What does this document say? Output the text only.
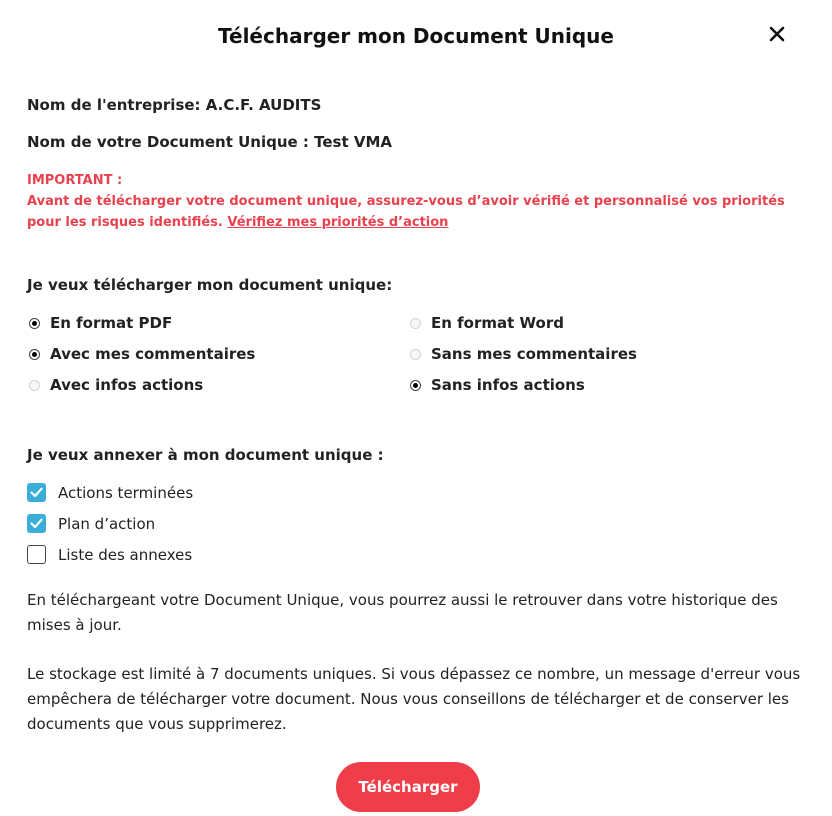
Télécharger mon Document Unique
Nom de l'entreprise: A.C.F. AUDITS
Nom de votre Document Unique : Test VMA
IMPORTANT :
Avant de télécharger votre document unique, assurez-vous d’avoir vérifié et personnalisé vos priorités pour les risques identifiés. Vérifiez mes priorités d’action
Je veux télécharger mon document unique:
En format PDF	En format Word
Avec mes commentaires	Sans mes commentaires
Avec infos actions	Sans infos actions
Je veux annexer à mon document unique :
Actions terminées
Plan d’action
Liste des annexes
En téléchargeant votre Document Unique, vous pourrez aussi le retrouver dans votre historique des mises à jour.
Le stockage est limité à 7 documents uniques. Si vous dépassez ce nombre, un message d'erreur vous empêchera de télécharger votre document. Nous vous conseillons de télécharger et de conserver les documents que vous supprimerez.
Télécharger
